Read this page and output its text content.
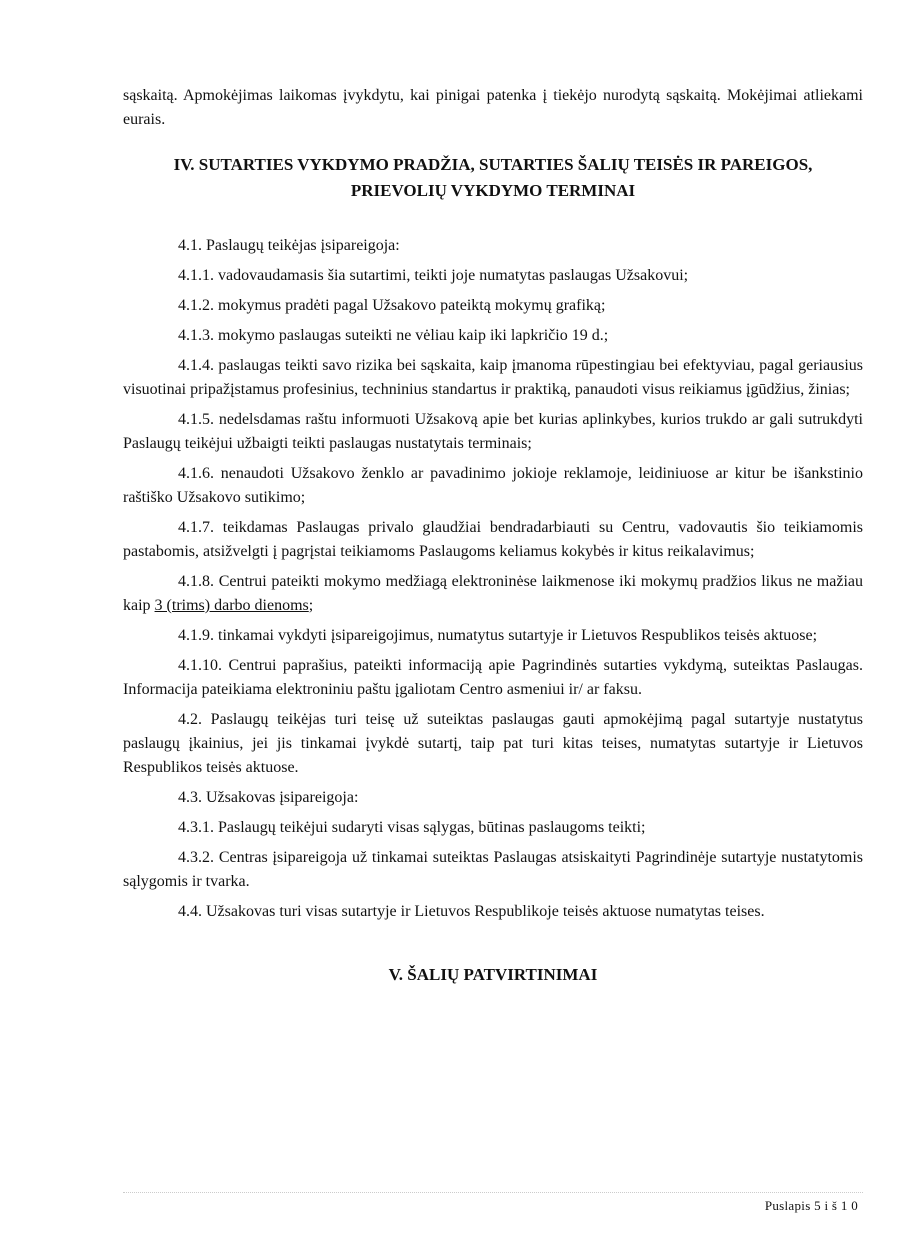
sąskaitą. Apmokėjimas laikomas įvykdytu, kai pinigai patenka į tiekėjo nurodytą sąskaitą. Mokėjimai atliekami eurais.

IV. SUTARTIES VYKDYMO PRADŽIA, SUTARTIES ŠALIŲ TEISĖS IR PAREIGOS,
PRIEVOLIŲ VYKDYMO TERMINAI

4.1. Paslaugų teikėjas įsipareigoja:

4.1.1. vadovaudamasis šia sutartimi, teikti joje numatytas paslaugas Užsakovui;

4.1.2. mokymus pradėti pagal Užsakovo pateiktą mokymų grafiką;

4.1.3. mokymo paslaugas suteikti ne vėliau kaip iki lapkričio 19 d.;

4.1.4. paslaugas teikti savo rizika bei sąskaita, kaip įmanoma rūpestingiau bei efektyviau, pagal geriausius visuotinai pripažįstamus profesinius, techninius standartus ir praktiką, panaudoti visus reikiamus įgūdžius, žinias;

4.1.5. nedelsdamas raštu informuoti Užsakovą apie bet kurias aplinkybes, kurios trukdo ar gali sutrukdyti Paslaugų teikėjui užbaigti teikti paslaugas nustatytais terminais;

4.1.6. nenaudoti Užsakovo ženklo ar pavadinimo jokioje reklamoje, leidiniuose ar kitur be išankstinio raštiško Užsakovo sutikimo;

4.1.7. teikdamas Paslaugas privalo glaudžiai bendradarbiauti su Centru, vadovautis šio teikiamomis pastabomis, atsižvelgti į pagrįstai teikiamoms Paslaugoms keliamus kokybės ir kitus reikalavimus;

4.1.8. Centrui pateikti mokymo medžiagą elektroninėse laikmenose iki mokymų pradžios likus ne mažiau kaip 3 (trims) darbo dienoms;

4.1.9. tinkamai vykdyti įsipareigojimus, numatytus sutartyje ir Lietuvos Respublikos teisės aktuose;

4.1.10. Centrui paprašius, pateikti informaciją apie Pagrindinės sutarties vykdymą, suteiktas Paslaugas. Informacija pateikiama elektroniniu paštu įgaliotam Centro asmeniui ir/ ar faksu.

4.2. Paslaugų teikėjas turi teisę už suteiktas paslaugas gauti apmokėjimą pagal sutartyje nustatytus paslaugų įkainius, jei jis tinkamai įvykdė sutartį, taip pat turi kitas teises, numatytas sutartyje ir Lietuvos Respublikos teisės aktuose.

4.3. Užsakovas įsipareigoja:

4.3.1. Paslaugų teikėjui sudaryti visas sąlygas, būtinas paslaugoms teikti;

4.3.2. Centras įsipareigoja už tinkamai suteiktas Paslaugas atsiskaityti Pagrindinėje sutartyje nustatytomis sąlygomis ir tvarka.

4.4. Užsakovas turi visas sutartyje ir Lietuvos Respublikoje teisės aktuose numatytas teises.

V. ŠALIŲ PATVIRTINIMAI
Puslapis 5 i š 1 0
